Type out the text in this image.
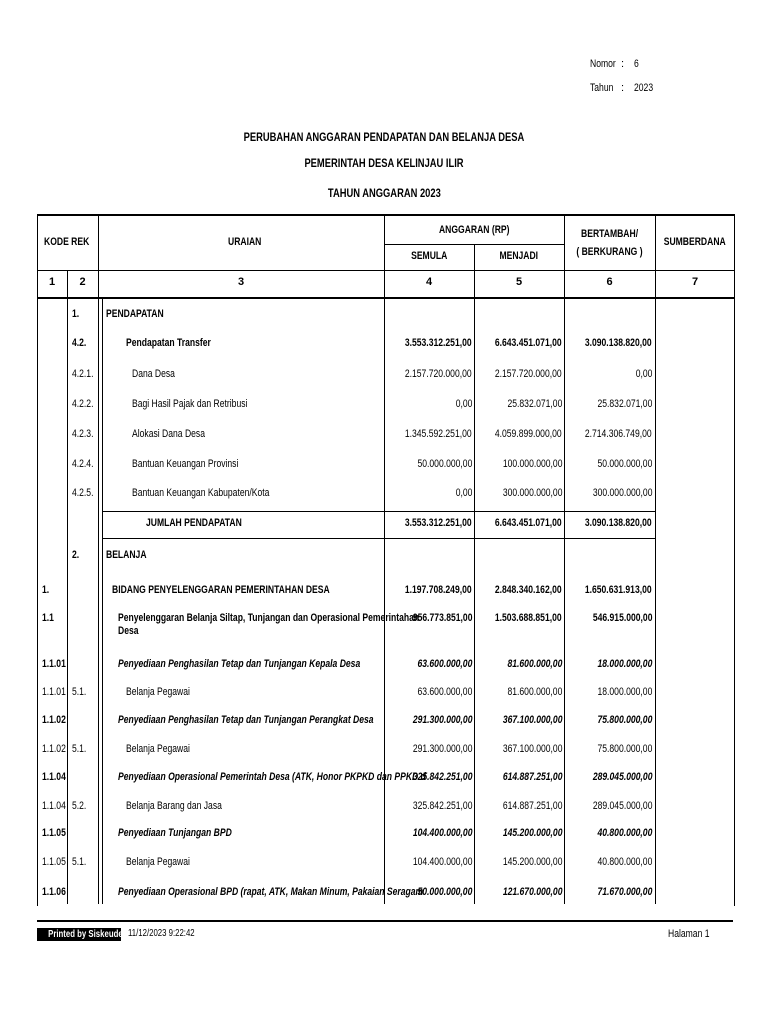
Nomor : 6
Tahun : 2023
PERUBAHAN ANGGARAN PENDAPATAN DAN BELANJA DESA
PEMERINTAH DESA KELINJAU ILIR
TAHUN ANGGARAN 2023
KODE REK	URAIAN
ANGGARAN (RP)
SEMULA	MENJADI
BERTAMBAH/
( BERKURANG )
SUMBERDANA
1	2	3	4	5	6	7
1.	PENDAPATAN
4.2.	Pendapatan Transfer	3.553.312.251,00	6.643.451.071,00	3.090.138.820,00
4.2.1.	Dana Desa	2.157.720.000,00	2.157.720.000,00	0,00
4.2.2.	Bagi Hasil Pajak dan Retribusi	0,00	25.832.071,00	25.832.071,00
4.2.3.	Alokasi Dana Desa	1.345.592.251,00	4.059.899.000,00	2.714.306.749,00
4.2.4.	Bantuan Keuangan Provinsi	50.000.000,00	100.000.000,00	50.000.000,00
4.2.5.	Bantuan Keuangan Kabupaten/Kota	0,00	300.000.000,00	300.000.000,00
JUMLAH PENDAPATAN	3.553.312.251,00	6.643.451.071,00	3.090.138.820,00
2.	BELANJA
1.	BIDANG PENYELENGGARAN PEMERINTAHAN DESA	1.197.708.249,00	2.848.340.162,00	1.650.631.913,00
1.1	Penyelenggaran Belanja Siltap, Tunjangan dan Operasional Pemerintahan
Desa
956.773.851,00	1.503.688.851,00	546.915.000,00
1.1.01	Penyediaan Penghasilan Tetap dan Tunjangan Kepala Desa	63.600.000,00	81.600.000,00	18.000.000,00
1.1.01 5.1.	Belanja Pegawai	63.600.000,00	81.600.000,00	18.000.000,00
1.1.02	Penyediaan Penghasilan Tetap dan Tunjangan Perangkat Desa	291.300.000,00	367.100.000,00	75.800.000,00
1.1.02 5.1.	Belanja Pegawai	291.300.000,00	367.100.000,00	75.800.000,00
1.1.04	Penyediaan Operasional Pemerintah Desa (ATK, Honor PKPKD dan PPKD d
325.842.251,00	614.887.251,00	289.045.000,00
1.1.04 5.2.	Belanja Barang dan Jasa	325.842.251,00	614.887.251,00	289.045.000,00
1.1.05	Penyediaan Tunjangan BPD	104.400.000,00	145.200.000,00	40.800.000,00
1.1.05 5.1.	Belanja Pegawai	104.400.000,00	145.200.000,00	40.800.000,00
1.1.06	Penyediaan Operasional BPD (rapat, ATK, Makan Minum, Pakaian Seragam
50.000.000,00	121.670.000,00	71.670.000,00
Printed by Siskeudes 11/12/2023 9:22:42	Halaman 1
